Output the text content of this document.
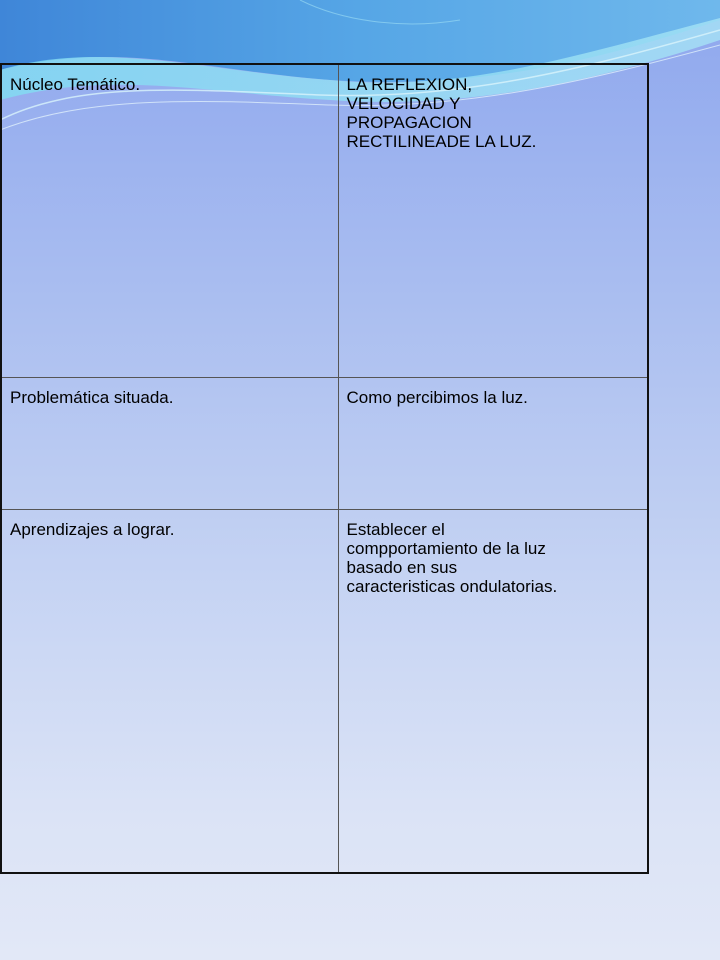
Núcleo Temático.	LA REFLEXION,
VELOCIDAD Y
PROPAGACION
RECTILINEADE LA LUZ.
Problemática situada.	Como percibimos la luz.
Aprendizajes a lograr.	Establecer el
compportamiento de la luz
basado en sus
caracteristicas ondulatorias.
